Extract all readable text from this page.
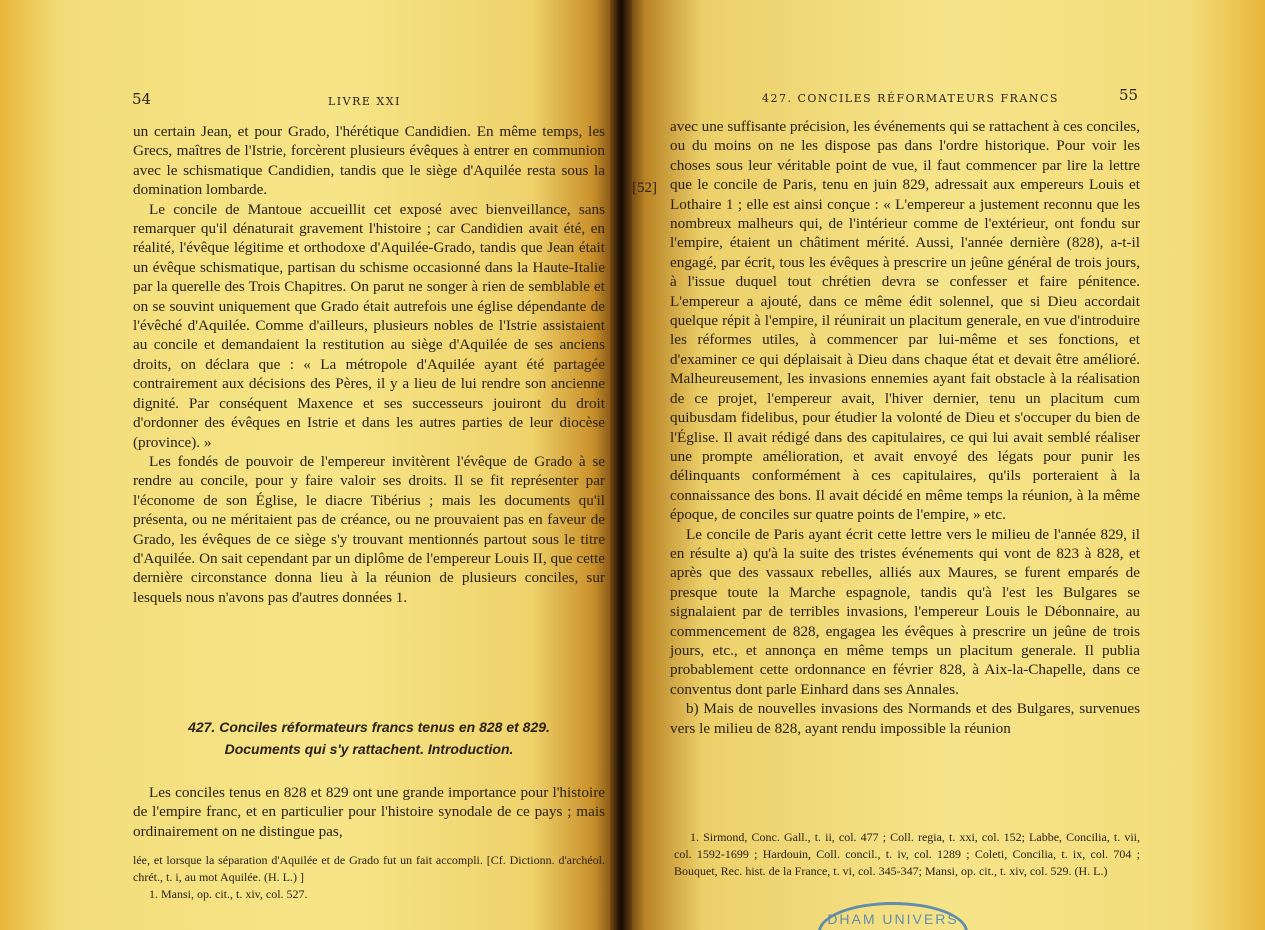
54	LIVRE XXI

un certain Jean, et pour Grado, l'hérétique Candidien. En même temps, les Grecs, maîtres de l'Istrie, forcèrent plusieurs évêques à entrer en communion avec le schismatique Candidien, tandis que le siège d'Aquilée resta sous la domination lombarde.

Le concile de Mantoue accueillit cet exposé avec bienveillance, sans remarquer qu'il dénaturait gravement l'histoire ; car Candidien avait été, en réalité, l'évêque légitime et orthodoxe d'Aquilée-Grado, tandis que Jean était un évêque schismatique, partisan du schisme occasionné dans la Haute-Italie par la querelle des Trois Chapitres. On parut ne songer à rien de semblable et on se souvint uniquement que Grado était autrefois une église dépendante de l'évêché d'Aquilée. Comme d'ailleurs, plusieurs nobles de l'Istrie assistaient au concile et demandaient la restitution au siège d'Aquilée de ses anciens droits, on déclara que : « La métropole d'Aquilée ayant été partagée contrairement aux décisions des Pères, il y a lieu de lui rendre son ancienne dignité. Par conséquent Maxence et ses successeurs jouiront du droit d'ordonner des évêques en Istrie et dans les autres parties de leur diocèse (province). »

Les fondés de pouvoir de l'empereur invitèrent l'évêque de Grado à se rendre au concile, pour y faire valoir ses droits. Il se fit représenter par l'économe de son Église, le diacre Tibérius ; mais les documents qu'il présenta, ou ne méritaient pas de créance, ou ne prouvaient pas en faveur de Grado, les évêques de ce siège s'y trouvant mentionnés partout sous le titre d'Aquilée. On sait cependant par un diplôme de l'empereur Louis II, que cette dernière circonstance donna lieu à la réunion de plusieurs conciles, sur lesquels nous n'avons pas d'autres données 1.

427. Conciles réformateurs francs tenus en 828 et 829.
Documents qui s'y rattachent. Introduction.

Les conciles tenus en 828 et 829 ont une grande importance pour l'histoire de l'empire franc, et en particulier pour l'histoire synodale de ce pays ; mais ordinairement on ne distingue pas,

lée, et lorsque la séparation d'Aquilée et de Grado fut un fait accompli. [Cf. Dictionn. d'archéol. chrét., t. i, au mot Aquilée. (H. L.) ]

1. Mansi, op. cit., t. xiv, col. 527.

427. CONCILES RÉFORMATEURS FRANCS	55
[52]

avec une suffisante précision, les événements qui se rattachent à ces conciles, ou du moins on ne les dispose pas dans l'ordre historique. Pour voir les choses sous leur véritable point de vue, il faut commencer par lire la lettre que le concile de Paris, tenu en juin 829, adressait aux empereurs Louis et Lothaire 1 ; elle est ainsi conçue : « L'empereur a justement reconnu que les nombreux malheurs qui, de l'intérieur comme de l'extérieur, ont fondu sur l'empire, étaient un châtiment mérité. Aussi, l'année dernière (828), a-t-il engagé, par écrit, tous les évêques à prescrire un jeûne général de trois jours, à l'issue duquel tout chrétien devra se confesser et faire pénitence. L'empereur a ajouté, dans ce même édit solennel, que si Dieu accordait quelque répit à l'empire, il réunirait un placitum generale, en vue d'introduire les réformes utiles, à commencer par lui-même et ses fonctions, et d'examiner ce qui déplaisait à Dieu dans chaque état et devait être amélioré. Malheureusement, les invasions ennemies ayant fait obstacle à la réalisation de ce projet, l'empereur avait, l'hiver dernier, tenu un placitum cum quibusdam fidelibus, pour étudier la volonté de Dieu et s'occuper du bien de l'Église. Il avait rédigé dans des capitulaires, ce qui lui avait semblé réaliser une prompte amélioration, et avait envoyé des légats pour punir les délinquants conformément à ces capitulaires, qu'ils porteraient à la connaissance des bons. Il avait décidé en même temps la réunion, à la même époque, de conciles sur quatre points de l'empire, » etc.

Le concile de Paris ayant écrit cette lettre vers le milieu de l'année 829, il en résulte a) qu'à la suite des tristes événements qui vont de 823 à 828, et après que des vassaux rebelles, alliés aux Maures, se furent emparés de presque toute la Marche espagnole, tandis qu'à l'est les Bulgares se signalaient par de terribles invasions, l'empereur Louis le Débonnaire, au commencement de 828, engagea les évêques à prescrire un jeûne de trois jours, etc., et annonça en même temps un placitum generale. Il publia probablement cette ordonnance en février 828, à Aix-la-Chapelle, dans ce conventus dont parle Einhard dans ses Annales.

b) Mais de nouvelles invasions des Normands et des Bulgares, survenues vers le milieu de 828, ayant rendu impossible la réunion

1. Sirmond, Conc. Gall., t. ii, col. 477 ; Coll. regia, t. xxi, col. 152; Labbe, Concilia, t. vii, col. 1592-1699 ; Hardouin, Coll. concil., t. iv, col. 1289 ; Coleti, Concilia, t. ix, col. 704 ; Bouquet, Rec. hist. de la France, t. vi, col. 345-347; Mansi, op. cit., t. xiv, col. 529. (H. L.)

DHAM UNIVERS
